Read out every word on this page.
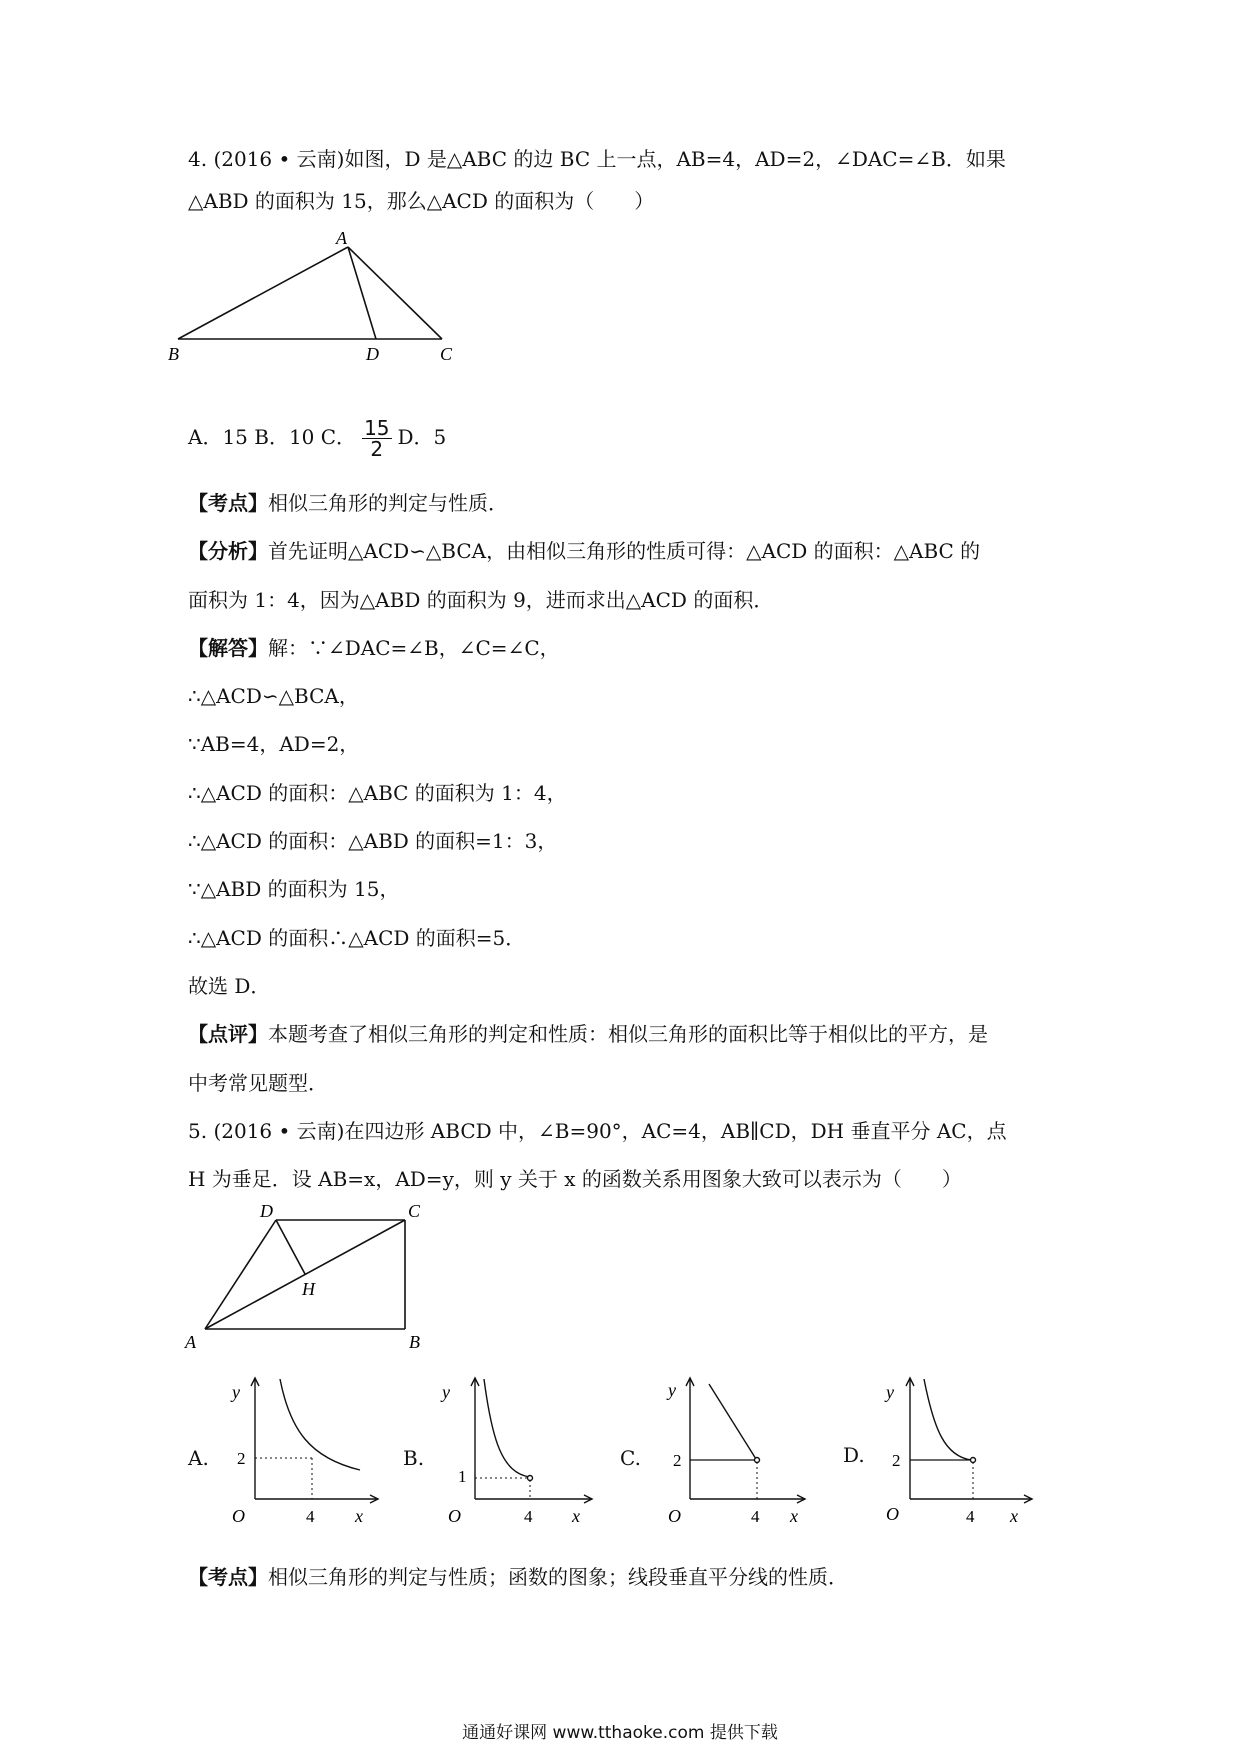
4. (2016 • 云南)如图，D 是△ABC 的边 BC 上一点，AB=4，AD=2，∠DAC=∠B．如果
△ABD 的面积为 15，那么△ACD 的面积为（　　）
A
B	D	C
A．15 B．10 C． $\frac{15}{2}$ D．5
【考点】相似三角形的判定与性质．
【分析】首先证明△ACD∽△BCA，由相似三角形的性质可得：△ACD 的面积：△ABC 的
面积为 1：4，因为△ABD 的面积为 9，进而求出△ACD 的面积．
【解答】解：∵∠DAC=∠B，∠C=∠C，
∴△ACD∽△BCA，
∵AB=4，AD=2，
∴△ACD 的面积：△ABC 的面积为 1：4，
∴△ACD 的面积：△ABD 的面积=1：3，
∵△ABD 的面积为 15，
∴△ACD 的面积∴△ACD 的面积=5．
故选 D．
【点评】本题考查了相似三角形的判定和性质：相似三角形的面积比等于相似比的平方，是
中考常见题型．
5. (2016 • 云南)在四边形 ABCD 中，∠B=90°，AC=4，AB∥CD，DH 垂直平分 AC，点
H 为垂足．设 AB=x，AD=y，则 y 关于 x 的函数关系用图象大致可以表示为（　　）
D	C
H
A	B
A.
y
2
4
O	x
B.
y
1
4
O	x
C.
y
2
4
O	x
D.
y
2
4
O	x
【考点】相似三角形的判定与性质；函数的图象；线段垂直平分线的性质．
通通好课网 www.tthaoke.com 提供下载
